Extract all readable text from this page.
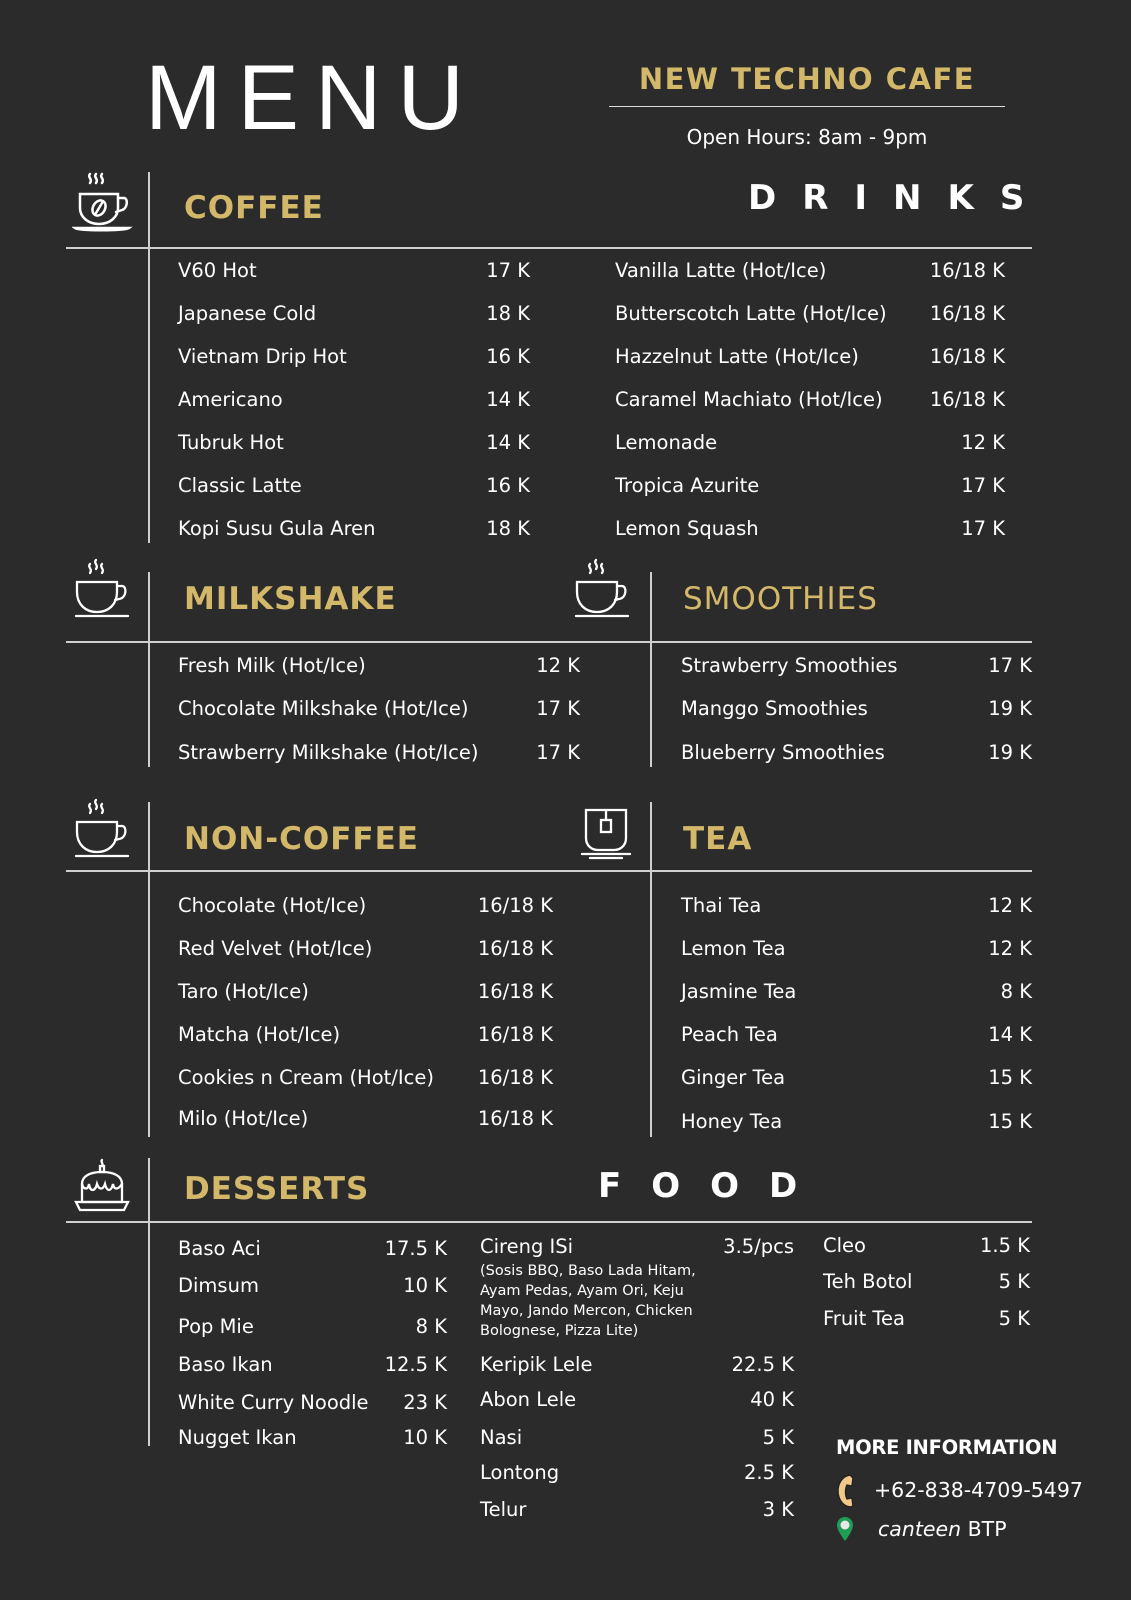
MENU	NEW TECHNO CAFE
Open Hours: 8am - 9pm
DRINKS
FOOD
COFFEE
MILKSHAKE	SMOOTHIES
NON-COFFEE	TEA
DESSERTS
V60 Hot	17 K
Japanese Cold	18 K
Vietnam Drip Hot	16 K
Americano	14 K
Tubruk Hot	14 K
Classic Latte	16 K
Kopi Susu Gula Aren	18 K
Vanilla Latte (Hot/Ice)	16/18 K
Butterscotch Latte (Hot/Ice) 16/18 K
Hazzelnut Latte (Hot/Ice)	16/18 K
Caramel Machiato (Hot/Ice) 16/18 K
Lemonade	12 K
Tropica Azurite	17 K
Lemon Squash	17 K
Fresh Milk (Hot/Ice)	12 K
Chocolate Milkshake (Hot/Ice)	17 K
Strawberry Milkshake (Hot/Ice)	17 K
Strawberry Smoothies	17 K
Manggo Smoothies	19 K
Blueberry Smoothies	19 K
Chocolate (Hot/Ice)	16/18 K
Red Velvet (Hot/Ice)	16/18 K
Taro (Hot/Ice)	16/18 K
Matcha (Hot/Ice)	16/18 K
Cookies n Cream (Hot/Ice) 16/18 K
Milo (Hot/Ice)	16/18 K
Thai Tea	12 K
Lemon Tea	12 K
Jasmine Tea	8 K
Peach Tea	14 K
Ginger Tea	15 K
Honey Tea	15 K
Baso Aci	17.5 K
Dimsum	10 K
Pop Mie	8 K
Baso Ikan	12.5 K
White Curry Noodle 23 K
Nugget Ikan	10 K
Cireng ISi	3.5/pcs
Keripik Lele	22.5 K
Abon Lele	40 K
Nasi	5 K
Lontong	2.5 K
Telur	3 K
Cleo	1.5 K
Teh Botol	5 K
Fruit Tea	5 K
(Sosis BBQ, Baso Lada Hitam,
Ayam Pedas, Ayam Ori, Keju
Mayo, Jando Mercon, Chicken
Bolognese, Pizza Lite)
MORE INFORMATION
+62-838-4709-5497
canteen BTP
